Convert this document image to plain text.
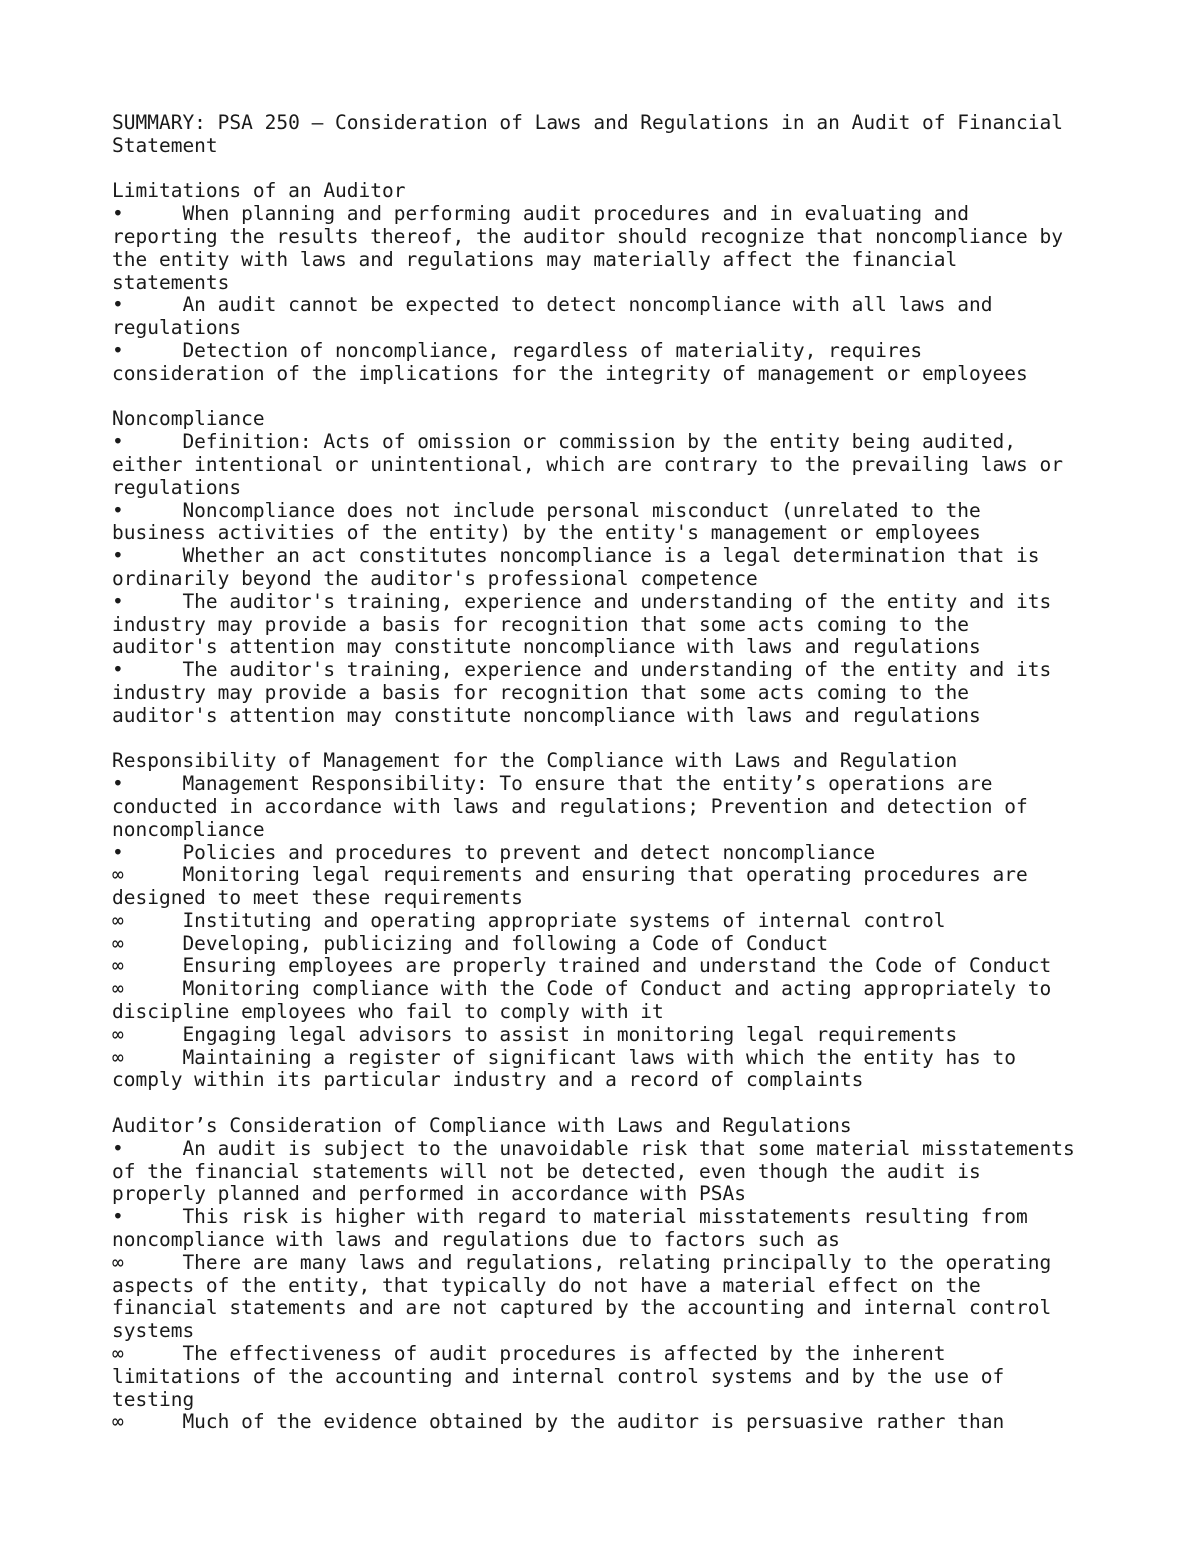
SUMMARY: PSA 250 – Consideration of Laws and Regulations in an Audit of Financial
Statement
Limitations of an Auditor
•     When planning and performing audit procedures and in evaluating and
reporting the results thereof, the auditor should recognize that noncompliance by
the entity with laws and regulations may materially affect the financial
statements
•     An audit cannot be expected to detect noncompliance with all laws and
regulations
•     Detection of noncompliance, regardless of materiality, requires
consideration of the implications for the integrity of management or employees
Noncompliance
•     Definition: Acts of omission or commission by the entity being audited,
either intentional or unintentional, which are contrary to the prevailing laws or
regulations
•     Noncompliance does not include personal misconduct (unrelated to the
business activities of the entity) by the entity's management or employees
•     Whether an act constitutes noncompliance is a legal determination that is
ordinarily beyond the auditor's professional competence
•     The auditor's training, experience and understanding of the entity and its
industry may provide a basis for recognition that some acts coming to the
auditor's attention may constitute noncompliance with laws and regulations
•     The auditor's training, experience and understanding of the entity and its
industry may provide a basis for recognition that some acts coming to the
auditor's attention may constitute noncompliance with laws and regulations
Responsibility of Management for the Compliance with Laws and Regulation
•     Management Responsibility: To ensure that the entity’s operations are
conducted in accordance with laws and regulations; Prevention and detection of
noncompliance
•     Policies and procedures to prevent and detect noncompliance
∞     Monitoring legal requirements and ensuring that operating procedures are
designed to meet these requirements
∞     Instituting and operating appropriate systems of internal control
∞     Developing, publicizing and following a Code of Conduct
∞     Ensuring employees are properly trained and understand the Code of Conduct
∞     Monitoring compliance with the Code of Conduct and acting appropriately to
discipline employees who fail to comply with it
∞     Engaging legal advisors to assist in monitoring legal requirements
∞     Maintaining a register of significant laws with which the entity has to
comply within its particular industry and a record of complaints
Auditor’s Consideration of Compliance with Laws and Regulations
•     An audit is subject to the unavoidable risk that some material misstatements
of the financial statements will not be detected, even though the audit is
properly planned and performed in accordance with PSAs
•     This risk is higher with regard to material misstatements resulting from
noncompliance with laws and regulations due to factors such as
∞     There are many laws and regulations, relating principally to the operating
aspects of the entity, that typically do not have a material effect on the
financial statements and are not captured by the accounting and internal control
systems
∞     The effectiveness of audit procedures is affected by the inherent
limitations of the accounting and internal control systems and by the use of
testing
∞     Much of the evidence obtained by the auditor is persuasive rather than
